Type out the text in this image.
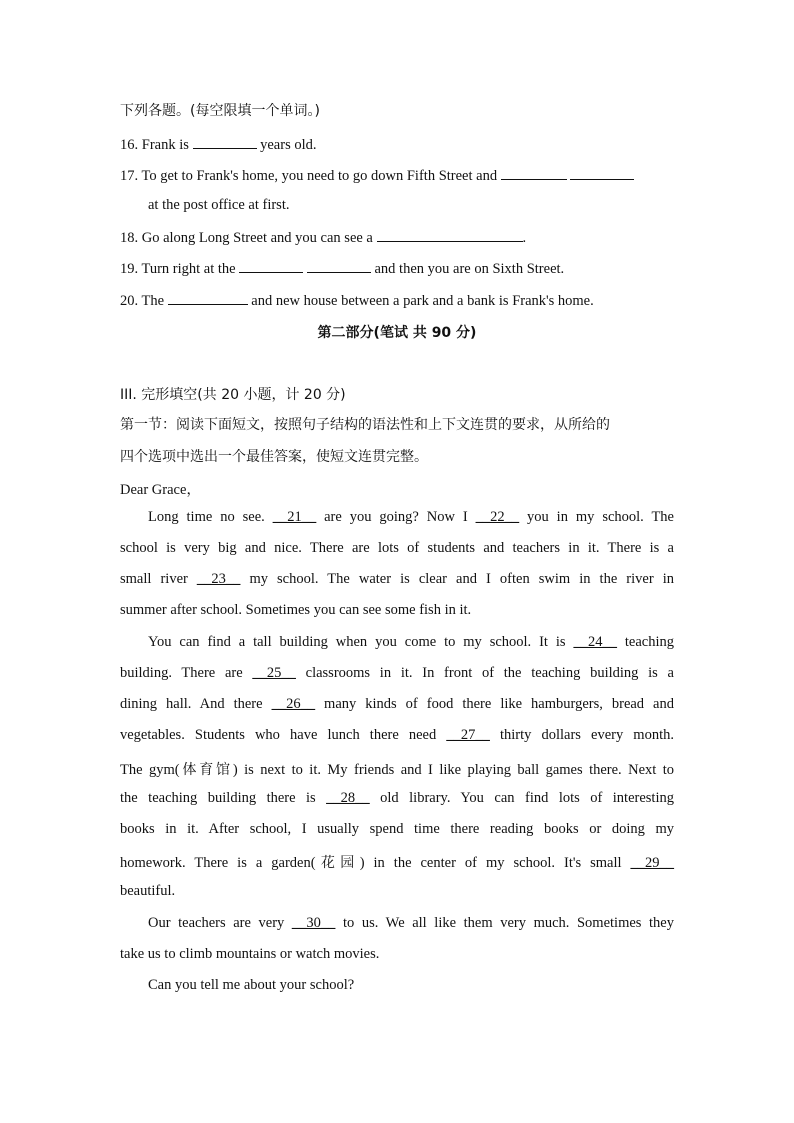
下列各题。(每空限填一个单词。)
16. Frank is	years old.
17. To get to Frank's home, you need to go down Fifth Street and
at the post office at first.
18. Go along Long Street and you can see a	.
19. Turn right at the	and then you are on Sixth Street.
20. The	and new house between a park and a bank is Frank's home.
第二部分(笔试 共 90 分)
III. 完形填空(共 20 小题，计 20 分)
第一节：阅读下面短文，按照句子结构的语法性和上下文连贯的要求，从所给的
四个选项中选出一个最佳答案，使短文连贯完整。
Dear Grace，
Long time no see. __21__ are you going? Now I __22__ you in my school. The
school is very big and nice. There are lots of students and teachers in it. There is a
small river __23__ my school. The water is clear and I often swim in the river in
summer after school. Sometimes you can see some fish in it.
You can find a tall building when you come to my school. It is __24__ teaching
building. There are __25__ classrooms in it. In front of the teaching building is a
dining hall. And there __26__ many kinds of food there like hamburgers, bread and
vegetables. Students who have lunch there need __27__ thirty dollars every month.
The gym(体育馆) is next to it. My friends and I like playing ball games there. Next to
the teaching building there is __28__ old library. You can find lots of interesting
books in it. After school, I usually spend time there reading books or doing my
homework. There is a garden(花园) in the center of my school. It's small __29__
beautiful.
Our teachers are very __30__ to us. We all like them very much. Sometimes they
take us to climb mountains or watch movies.
Can you tell me about your school?
